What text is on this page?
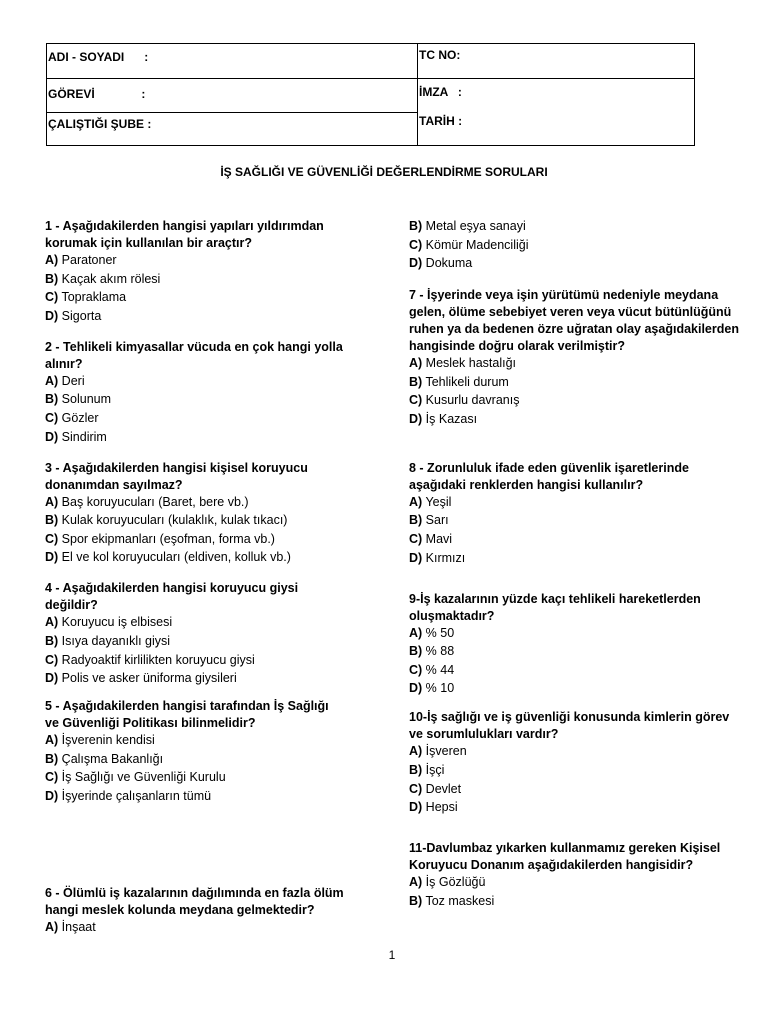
ADI - SOYADI      :
GÖREVİ              :
ÇALIŞTIĞI ŞUBE :
TC NO:
İMZA   :
TARİH :
İŞ SAĞLIĞI VE GÜVENLİĞİ DEĞERLENDİRME SORULARI
1 - Aşağıdakilerden hangisi yapıları yıldırımdan korumak için kullanılan bir araçtır?
A) Paratoner
B) Kaçak akım rölesi
C) Topraklama
D) Sigorta
2 - Tehlikeli kimyasallar vücuda en çok hangi yolla alınır?
A) Deri
B) Solunum
C) Gözler
D) Sindirim
3 - Aşağıdakilerden hangisi kişisel koruyucu donanımdan sayılmaz?
A) Baş koruyucuları (Baret, bere vb.)
B) Kulak koruyucuları (kulaklık, kulak tıkacı)
C) Spor ekipmanları (eşofman, forma vb.)
D) El ve kol koruyucuları (eldiven, kolluk vb.)
4 - Aşağıdakilerden hangisi koruyucu giysi değildir?
A) Koruyucu iş elbisesi
B) Isıya dayanıklı giysi
C) Radyoaktif kirlilikten koruyucu giysi
D) Polis ve asker üniforma giysileri
5 - Aşağıdakilerden hangisi tarafından İş Sağlığı ve Güvenliği Politikası bilinmelidir?
A) İşverenin kendisi
B) Çalışma Bakanlığı
C) İş Sağlığı ve Güvenliği Kurulu
D) İşyerinde çalışanların tümü
6 - Ölümlü iş kazalarının dağılımında en fazla ölüm hangi meslek kolunda meydana gelmektedir?
A) İnşaat
B) Metal eşya sanayi
C) Kömür Madenciliği
D) Dokuma
7 - İşyerinde veya işin yürütümü nedeniyle meydana gelen, ölüme sebebiyet veren veya vücut bütünlüğünü ruhen ya da bedenen özre uğratan olay aşağıdakilerden hangisinde doğru olarak verilmiştir?
A) Meslek hastalığı
B) Tehlikeli durum
C) Kusurlu davranış
D) İş Kazası
8 - Zorunluluk ifade eden güvenlik işaretlerinde aşağıdaki renklerden hangisi kullanılır?
A) Yeşil
B) Sarı
C) Mavi
D) Kırmızı
9-İş kazalarının yüzde kaçı tehlikeli hareketlerden oluşmaktadır?
A) % 50
B) % 88
C) % 44
D) % 10
10-İş sağlığı ve iş güvenliği konusunda kimlerin görev ve sorumlulukları vardır?
A) İşveren
B) İşçi
C) Devlet
D) Hepsi
11-Davlumbaz yıkarken kullanmamız gereken Kişisel Koruyucu Donanım aşağıdakilerden hangisidir?
A) İş Gözlüğü
B) Toz maskesi
1
